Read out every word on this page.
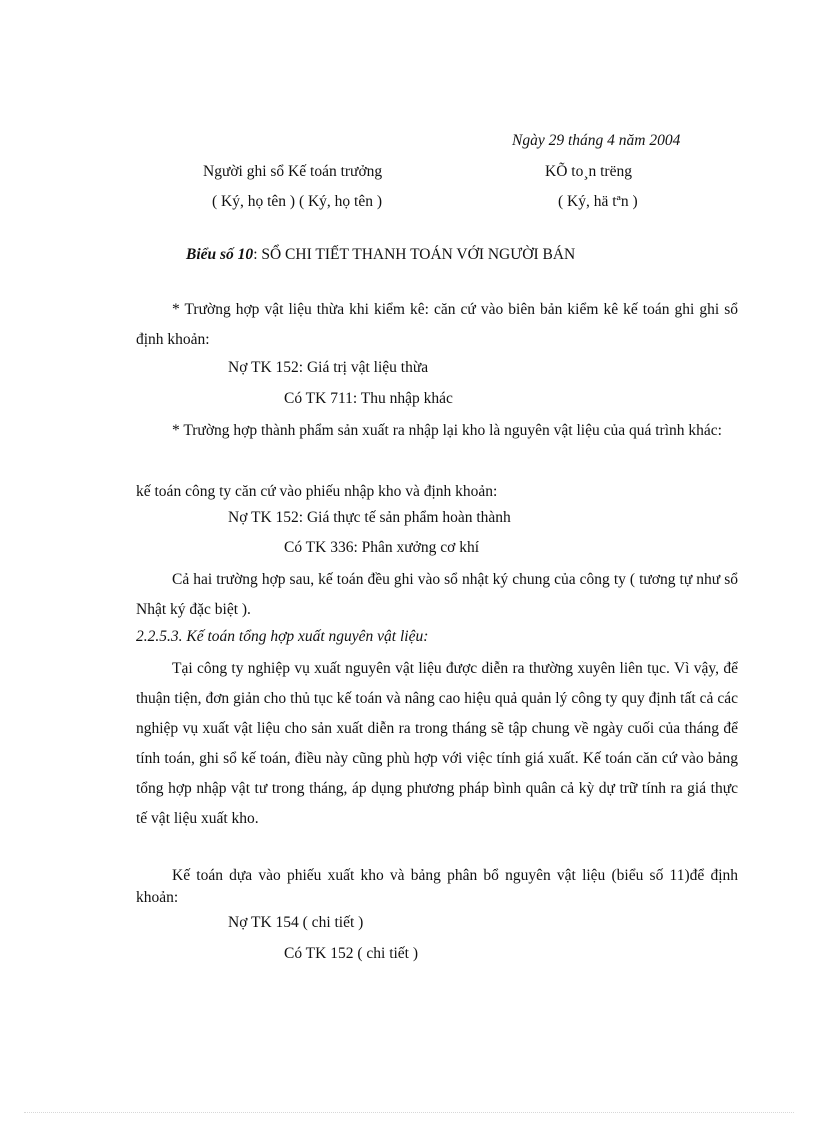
Ngày 29 tháng 4 năm 2004
Người ghi sổ Kế toán trưởng	KÕ to¸n trëng
( Ký, họ tên ) ( Ký, họ tên )	( Ký, hä tªn )
Biểu số 10: SỔ CHI TIẾT THANH TOÁN VỚI NGƯỜI BÁN
* Trường hợp vật liệu thừa khi kiểm kê: căn cứ vào biên bản kiểm kê kế toán ghi ghi sổ định khoản:
Nợ TK 152: Giá trị vật liệu thừa
Có TK 711: Thu nhập khác
* Trường hợp thành phẩm sản xuất ra nhập lại kho là nguyên vật liệu của quá trình khác:
kế toán công ty căn cứ vào phiếu nhập kho và định khoản:
Nợ TK 152: Giá thực tế sản phẩm hoàn thành
Có TK 336: Phân xưởng cơ khí
Cả hai trường hợp sau, kế toán đều ghi vào sổ nhật ký chung của công ty ( tương tự như sổ Nhật ký đặc biệt ).
2.2.5.3. Kế toán tổng hợp xuất nguyên vật liệu:
Tại công ty nghiệp vụ xuất nguyên vật liệu được diễn ra thường xuyên liên tục. Vì vậy, để thuận tiện, đơn giản cho thủ tục kế toán và nâng cao hiệu quả quản lý công ty quy định tất cả các nghiệp vụ xuất vật liệu cho sản xuất diễn ra trong tháng sẽ tập chung về ngày cuối của tháng để tính toán, ghi sổ kế toán, điều này cũng phù hợp với việc tính giá xuất. Kế toán căn cứ vào bảng tổng hợp nhập vật tư trong tháng, áp dụng phương pháp bình quân cả kỳ dự trữ tính ra giá thực tế vật liệu xuất kho.
Kế toán dựa vào phiếu xuất kho và bảng phân bổ nguyên vật liệu (biểu số 11)để định khoản:
Nợ TK 154 ( chi tiết )
Có TK 152 ( chi tiết )
